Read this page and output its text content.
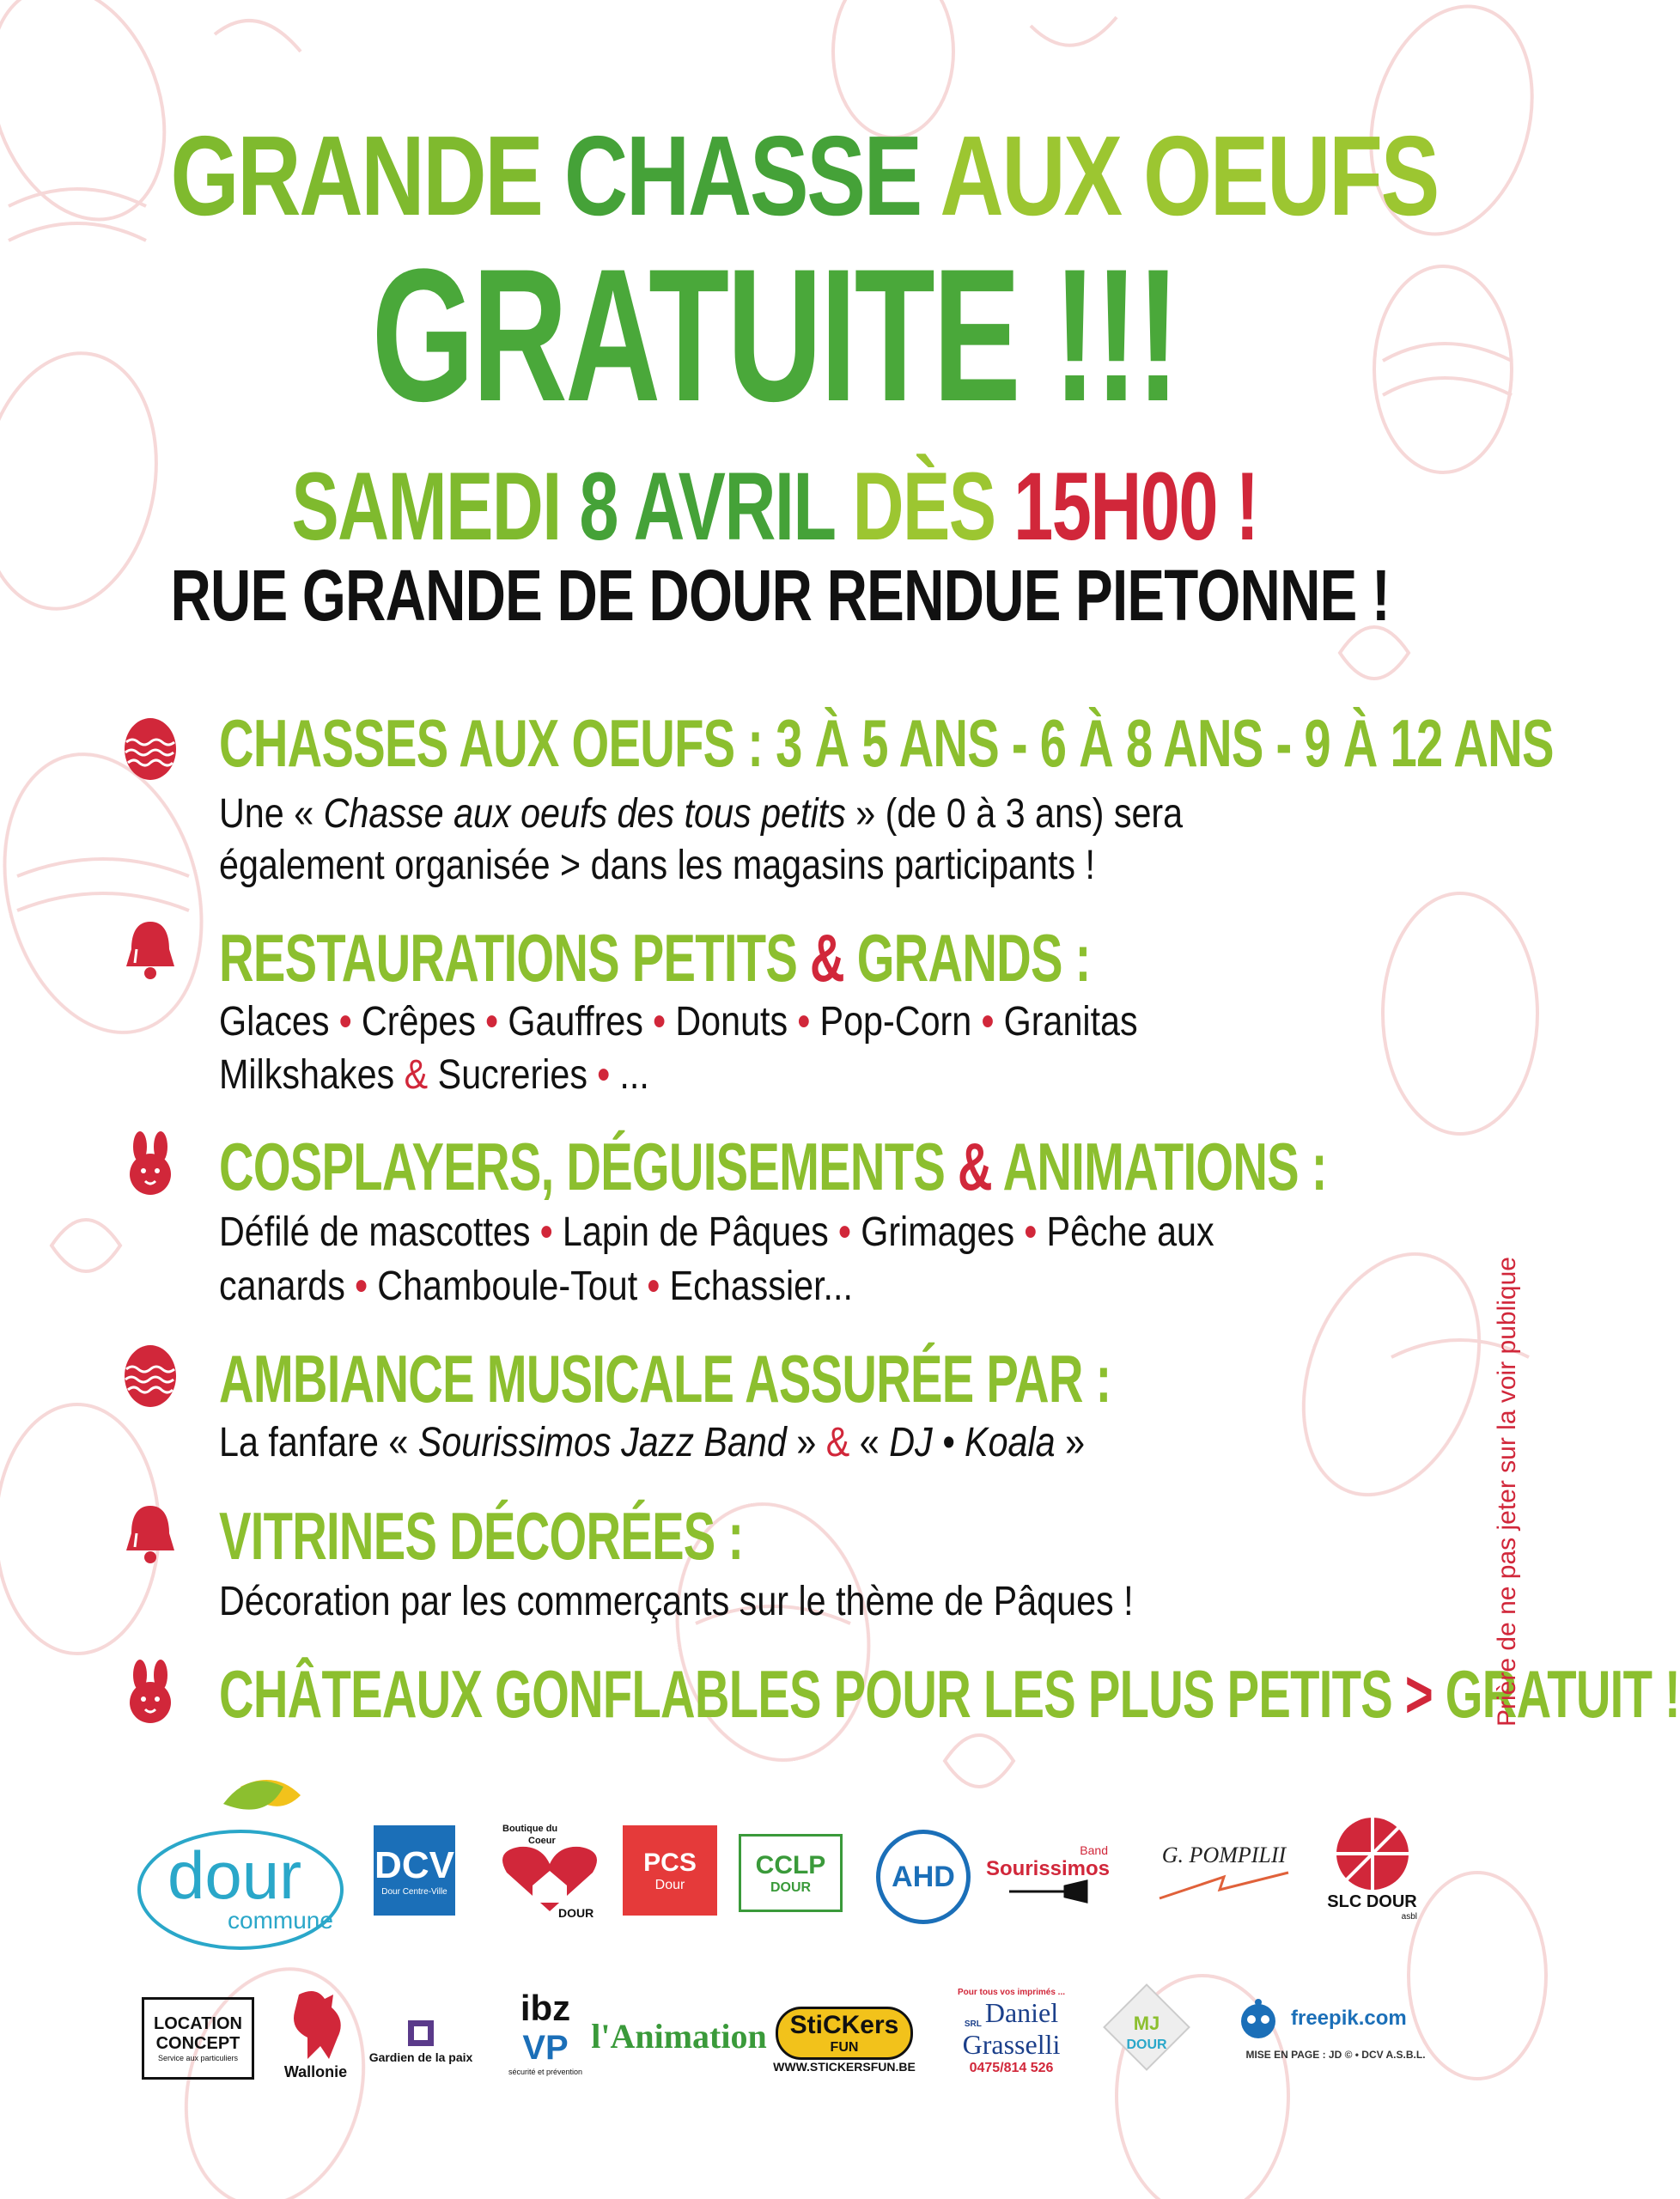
GRANDE CHASSE AUX OEUFS
GRATUITE !!!
SAMEDI 8 AVRIL DÈS 15H00 !
RUE GRANDE DE DOUR RENDUE PIETONNE !
CHASSES AUX OEUFS : 3 À 5 ANS - 6 À 8 ANS - 9 À 12 ANS
Une « Chasse aux oeufs des tous petits » (de 0 à 3 ans) sera
également organisée > dans les magasins participants !
RESTAURATIONS PETITS & GRANDS :
Glaces • Crêpes • Gauffres • Donuts • Pop-Corn • Granitas
Milkshakes & Sucreries • ...
COSPLAYERS, DÉGUISEMENTS & ANIMATIONS :
Défilé de mascottes • Lapin de Pâques • Grimages • Pêche aux
canards • Chamboule-Tout • Echassier...
AMBIANCE MUSICALE ASSURÉE PAR :
La fanfare « Sourissimos Jazz Band » & « DJ • Koala »
VITRINES DÉCORÉES :
Décoration par les commerçants sur le thème de Pâques !
CHÂTEAUX GONFLABLES POUR LES PLUS PETITS > GRATUIT !
Prière de ne pas jeter sur la voir publique
dour
commune
DCV
Dour Centre-Ville
Boutique du
Coeur
DOUR
PCS
Dour
CCLP
DOUR	AHD
Band
Sourissimos
G. POMPILII
SLC DOUR
asbl
LOCATION
CONCEPT
Service aux particuliers
Wallonie
Gardien de la paix
ibz
VP
sécurité et prévention
l'Animation StiCKers
FUN
WWW.STICKERSFUN.BE
Pour tous vos imprimés ...
SRL Daniel
Grasselli
0475/814 526
MJ
DOUR
freepik.com
MISE EN PAGE : JD © • DCV A.S.B.L.
